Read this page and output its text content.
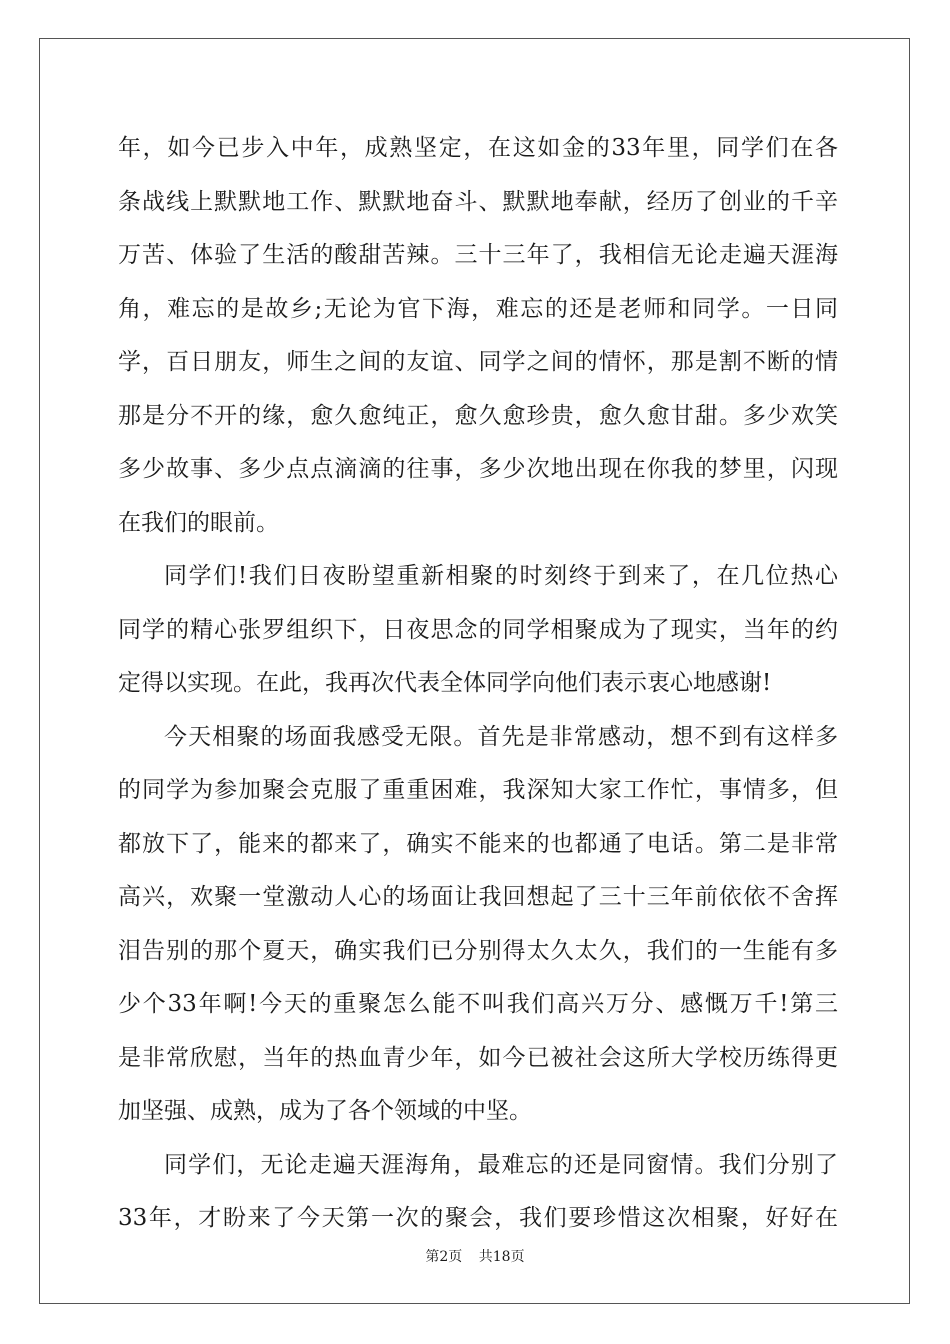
年，如今已步入中年，成熟坚定，在这如金的33年里，同学们在各
条战线上默默地工作、默默地奋斗、默默地奉献，经历了创业的千辛
万苦、体验了生活的酸甜苦辣。三十三年了，我相信无论走遍天涯海
角，难忘的是故乡;无论为官下海，难忘的还是老师和同学。一日同
学，百日朋友，师生之间的友谊、同学之间的情怀，那是割不断的情
那是分不开的缘，愈久愈纯正，愈久愈珍贵，愈久愈甘甜。多少欢笑
多少故事、多少点点滴滴的往事，多少次地出现在你我的梦里，闪现
在我们的眼前。
同学们!我们日夜盼望重新相聚的时刻终于到来了，在几位热心
同学的精心张罗组织下，日夜思念的同学相聚成为了现实，当年的约
定得以实现。在此，我再次代表全体同学向他们表示衷心地感谢!
今天相聚的场面我感受无限。首先是非常感动，想不到有这样多
的同学为参加聚会克服了重重困难，我深知大家工作忙，事情多，但
都放下了，能来的都来了，确实不能来的也都通了电话。第二是非常
高兴，欢聚一堂激动人心的场面让我回想起了三十三年前依依不舍挥
泪告别的那个夏天，确实我们已分别得太久太久，我们的一生能有多
少个33年啊!今天的重聚怎么能不叫我们高兴万分、感慨万千!第三
是非常欣慰，当年的热血青少年，如今已被社会这所大学校历练得更
加坚强、成熟，成为了各个领域的中坚。
同学们，无论走遍天涯海角，最难忘的还是同窗情。我们分别了
33年，才盼来了今天第一次的聚会，我们要珍惜这次相聚，好好在
第2页 共18页
